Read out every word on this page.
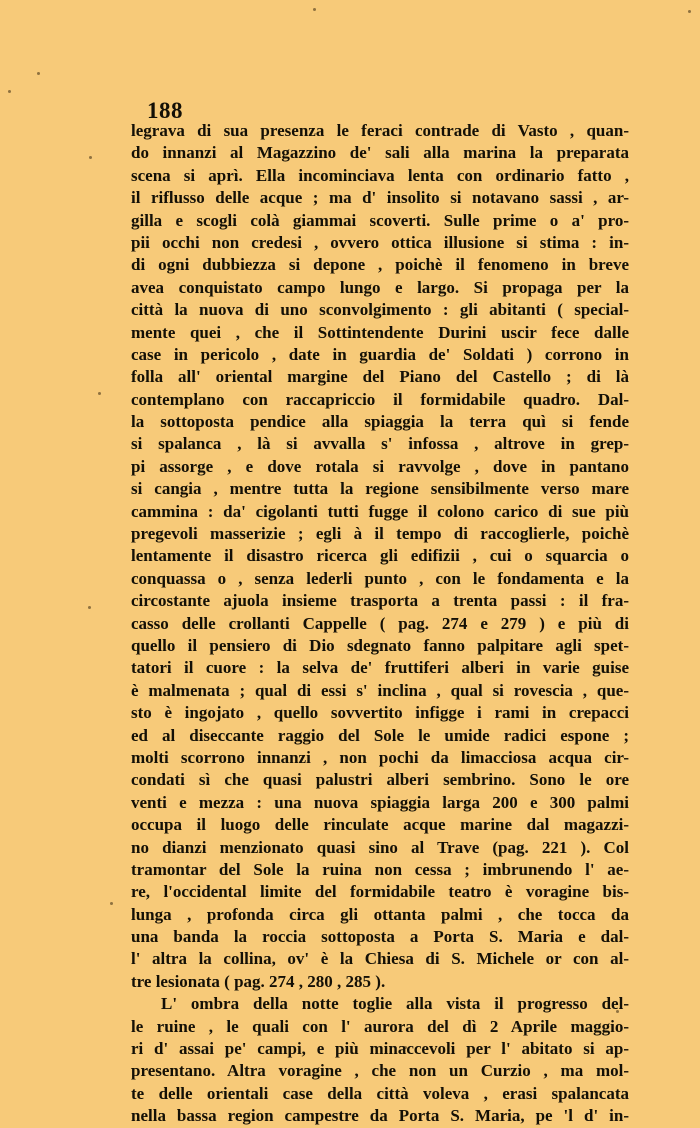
188
legrava di sua presenza le feraci contrade di Vasto , quan-
do innanzi al Magazzino de' sali alla marina la preparata
scena si aprì. Ella incominciava lenta con ordinario fatto ,
il riflusso delle acque ; ma d' insolito si notavano sassi , ar-
gilla e scogli colà giammai scoverti. Sulle prime o a' pro-
pii occhi non credesi , ovvero ottica illusione si stima : in-
di ogni dubbiezza si depone , poichè il fenomeno in breve
avea conquistato campo lungo e largo. Si propaga per la
città la nuova di uno sconvolgimento : gli abitanti ( special-
mente quei , che il Sottintendente Durini uscir fece dalle
case in pericolo , date in guardia de' Soldati ) corrono in
folla all' oriental margine del Piano del Castello ; di là
contemplano con raccapriccio il formidabile quadro. Dal-
la sottoposta pendice alla spiaggia la terra quì si fende
si spalanca , là si avvalla s' infossa , altrove in grep-
pi assorge , e dove rotala si ravvolge , dove in pantano
si cangia , mentre tutta la regione sensibilmente verso mare
cammina : da' cigolanti tutti fugge il colono carico di sue più
pregevoli masserizie ; egli à il tempo di raccoglierle, poichè
lentamente il disastro ricerca gli edifizii , cui o squarcia o
conquassa o , senza lederli punto , con le fondamenta e la
circostante ajuola insieme trasporta a trenta passi : il fra-
casso delle crollanti Cappelle ( pag. 274 e 279 ) e più di
quello il pensiero di Dio sdegnato fanno palpitare agli spet-
tatori il cuore : la selva de' fruttiferi alberi in varie guise
è malmenata ; qual di essi s' inclina , qual si rovescia , que-
sto è ingojato , quello sovvertito infigge i rami in crepacci
ed al diseccante raggio del Sole le umide radici espone ;
molti scorrono innanzi , non pochi da limacciosa acqua cir-
condati sì che quasi palustri alberi sembrino. Sono le ore
venti e mezza : una nuova spiaggia larga 200 e 300 palmi
occupa il luogo delle rinculate acque marine dal magazzi-
no dianzi menzionato quasi sino al Trave (pag. 221 ). Col
tramontar del Sole la ruina non cessa ; imbrunendo l' ae-
re, l'occidental limite del formidabile teatro è voragine bis-
lunga , profonda circa gli ottanta palmi , che tocca da
una banda la roccia sottoposta a Porta S. Maria e dal-
l' altra la collina, ov' è la Chiesa di S. Michele or con al-
tre lesionata ( pag. 274 , 280 , 285 ).
L' ombra della notte toglie alla vista il progresso del-
le ruine , le quali con l' aurora del dì 2 Aprile maggio-
ri d' assai pe' campi, e più minaccevoli per l' abitato si ap-
presentano. Altra voragine , che non un Curzio , ma mol-
te delle orientali case della città voleva , erasi spalancata
nella bassa region campestre da Porta S. Maria, pe 'l d' in-
